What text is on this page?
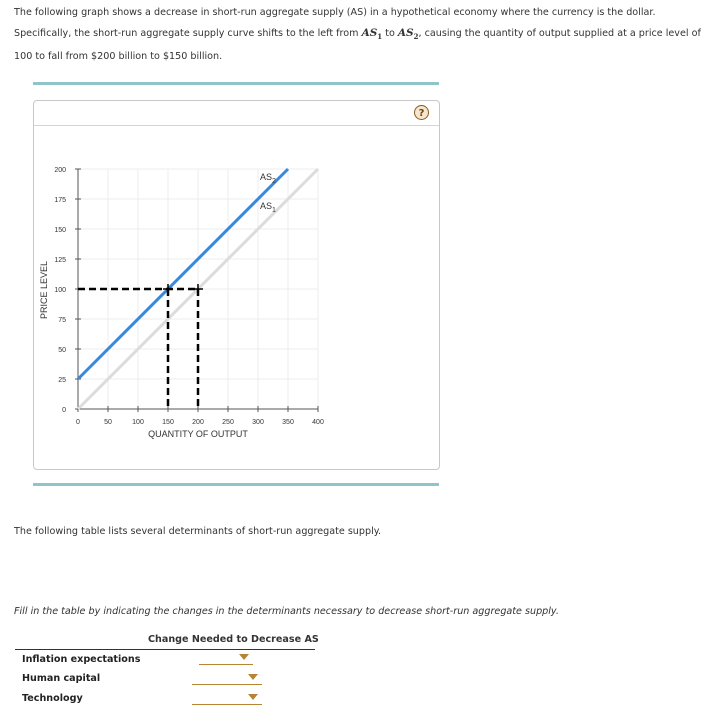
The following graph shows a decrease in short-run aggregate supply (AS) in a hypothetical economy where the currency is the dollar. Specifically, the short-run aggregate supply curve shifts to the left from $AS_1$ to $AS_2$, causing the quantity of output supplied at a price level of 100 to fall from $200 billion to $150 billion.
?
200
175
150
125
100
75
50
25
0
0	50	100	150	200	250	300	350	400
QUANTITY OF OUTPUT
PRICE LEVEL
$AS_2$
$AS_1$
The following table lists several determinants of short-run aggregate supply.
Fill in the table by indicating the changes in the determinants necessary to decrease short-run aggregate supply.
Change Needed to Decrease AS
Inflation expectations
Human capital
Technology
